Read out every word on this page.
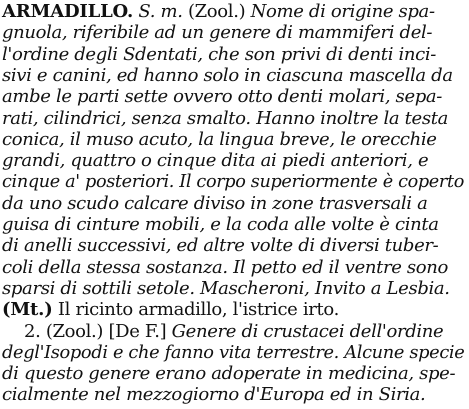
ARMADILLO. S. m. (Zool.) Nome di origine spa-
gnuola, riferibile ad un genere di mammiferi del-
l'ordine degli Sdentati, che son privi di denti inci-
sivi e canini, ed hanno solo in ciascuna mascella da
ambe le parti sette ovvero otto denti molari, sepa-
rati, cilindrici, senza smalto. Hanno inoltre la testa
conica, il muso acuto, la lingua breve, le orecchie
grandi, quattro o cinque dita ai piedi anteriori, e
cinque a' posteriori. Il corpo superiormente è coperto
da uno scudo calcare diviso in zone trasversali a
guisa di cinture mobili, e la coda alle volte è cinta
di anelli successivi, ed altre volte di diversi tuber-
coli della stessa sostanza. Il petto ed il ventre sono
sparsi di sottili setole. Mascheroni, Invito a Lesbia.
(Mt.) Il ricinto armadillo, l'istrice irto.
2. (Zool.) [De F.] Genere di crustacei dell'ordine
degl'Isopodi e che fanno vita terrestre. Alcune specie
di questo genere erano adoperate in medicina, spe-
cialmente nel mezzogiorno d'Europa ed in Siria.
